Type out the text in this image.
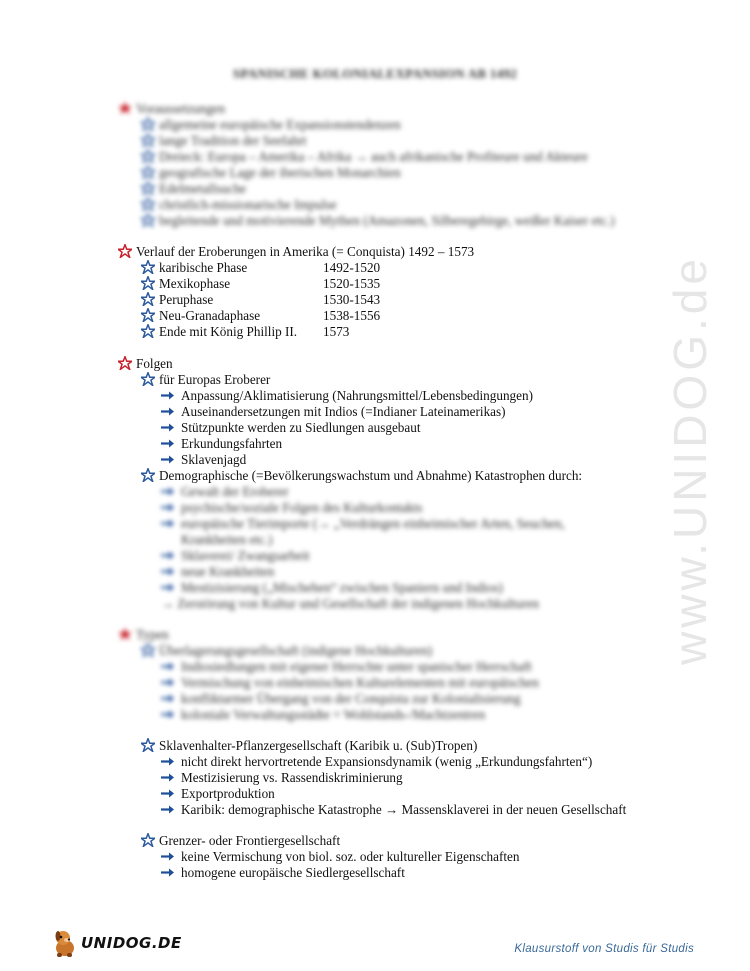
www.UNIDOG.de
SPANISCHE KOLONIALEXPANSION AB 1492
Voraussetzungen
allgemeine europäische Expansionstendenzen
lange Tradition der Seefahrt
Dreieck: Europa – Amerika – Afrika → auch afrikanische Profiteure und Akteure
geografische Lage der iberischen Monarchien
Edelmetallsuche
christlich-missionarische Impulse
begleitende und motivierende Mythen (Amazonen, Silberegebirge, weißer Kaiser etc.)
Verlauf der Eroberungen in Amerika (= Conquista) 1492 – 1573
karibische Phase	1492-1520
Mexikophase	1520-1535
Peruphase	1530-1543
Neu-Granadaphase	1538-1556
Ende mit König Phillip II. 1573
Folgen
für Europas Eroberer
Anpassung/Aklimatisierung (Nahrungsmittel/Lebensbedingungen)
Auseinandersetzungen mit Indios (=Indianer Lateinamerikas)
Stützpunkte werden zu Siedlungen ausgebaut
Erkundungsfahrten
Sklavenjagd
Demographische (=Bevölkerungswachstum und Abnahme) Katastrophen durch:
Gewalt der Eroberer
psychische/soziale Folgen des Kulturkontakts
europäische Tierimporte (→ „Verdrängen einheimischer Arten, Seuchen,
Krankheiten etc.)
Sklaverei/ Zwangsarbeit
neue Krankheiten
Mestizisierung („Mischehen“ zwischen Spaniern und Indios)
→ Zerstörung von Kultur und Gesellschaft der indigenen Hochkulturen
Typen
Überlagerungsgesellschaft (indigene Hochkulturen)
Indiosiedlungen mit eigener Herrschte unter spanischer Herrschaft
Vermischung von einheimischen Kulturelementen mit europäischen
konfliktarmer Übergang von der Conquista zur Kolonialisierung
koloniale Verwaltungsstädte = Wohlstands-/Machtzentren
Sklavenhalter-Pflanzergesellschaft (Karibik u. (Sub)Tropen)
nicht direkt hervortretende Expansionsdynamik (wenig „Erkundungsfahrten“)
Mestizisierung vs. Rassendiskriminierung
Exportproduktion
Karibik: demographische Katastrophe → Massensklaverei in der neuen Gesellschaft
Grenzer- oder Frontiergesellschaft
keine Vermischung von biol. soz. oder kultureller Eigenschaften
homogene europäische Siedlergesellschaft
UNIDOG.DE	Klausurstoff von Studis für Studis
